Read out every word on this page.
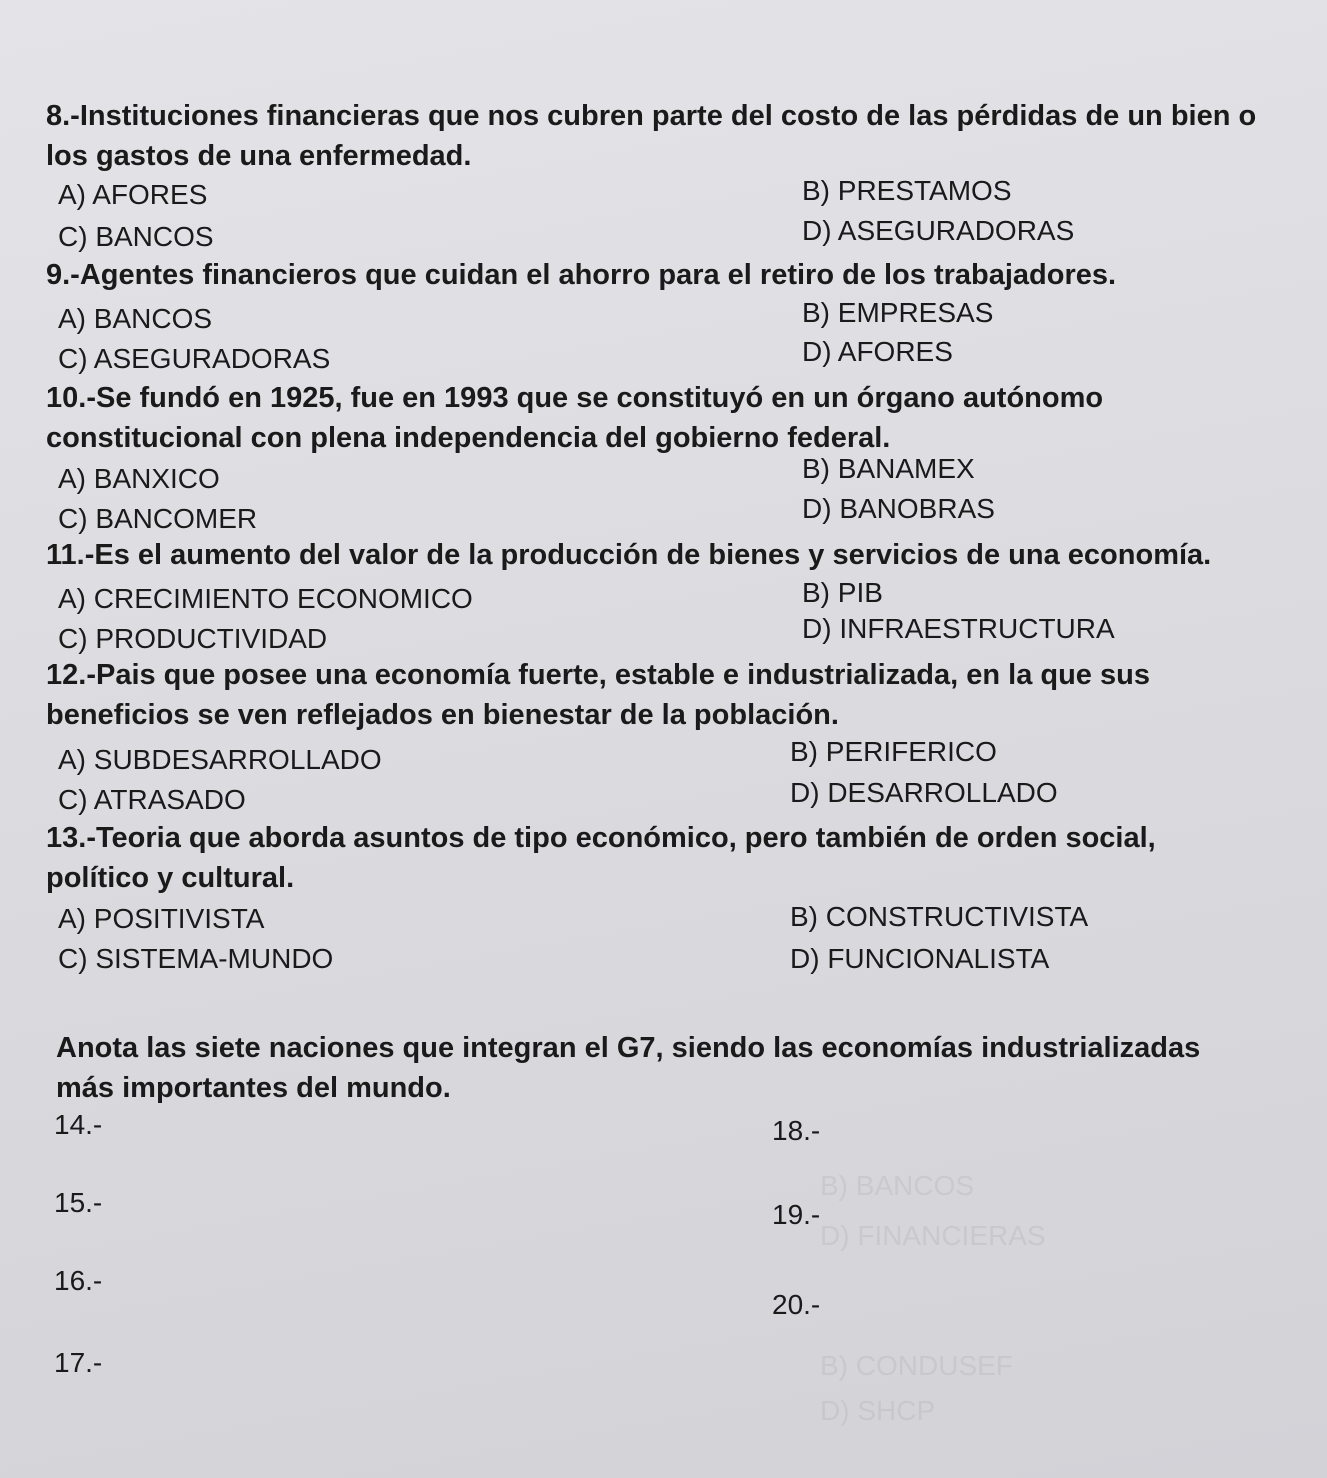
B) BANCOS
D) FINANCIERAS
B) CONDUSEF
D) SHCP

8.-Instituciones financieras que nos cubren parte del costo de las pérdidas de un bien o los gastos de una enfermedad.

A) AFORES	B) PRESTAMOS

C) BANCOS	D) ASEGURADORAS

9.-Agentes financieros que cuidan el ahorro para el retiro de los trabajadores.

A) BANCOS	B) EMPRESAS

C) ASEGURADORAS	D) AFORES

10.-Se fundó en 1925, fue en 1993 que se constituyó en un órgano autónomo constitucional con plena independencia del gobierno federal.

A) BANXICO	B) BANAMEX

C) BANCOMER	D) BANOBRAS

11.-Es el aumento del valor de la producción de bienes y servicios de una economía.

A) CRECIMIENTO ECONOMICO	B) PIB

C) PRODUCTIVIDAD	D) INFRAESTRUCTURA

12.-Pais que posee una economía fuerte, estable e industrializada, en la que sus beneficios se ven reflejados en bienestar de la población.

A) SUBDESARROLLADO	B) PERIFERICO

C) ATRASADO	D) DESARROLLADO

13.-Teoria que aborda asuntos de tipo económico, pero también de orden social, político y cultural.

A) POSITIVISTA	B) CONSTRUCTIVISTA

C) SISTEMA-MUNDO	D) FUNCIONALISTA

Anota las siete naciones que integran el G7, siendo las economías industrializadas más importantes del mundo.

14.-

15.-

16.-

17.-

18.-

19.-

20.-
